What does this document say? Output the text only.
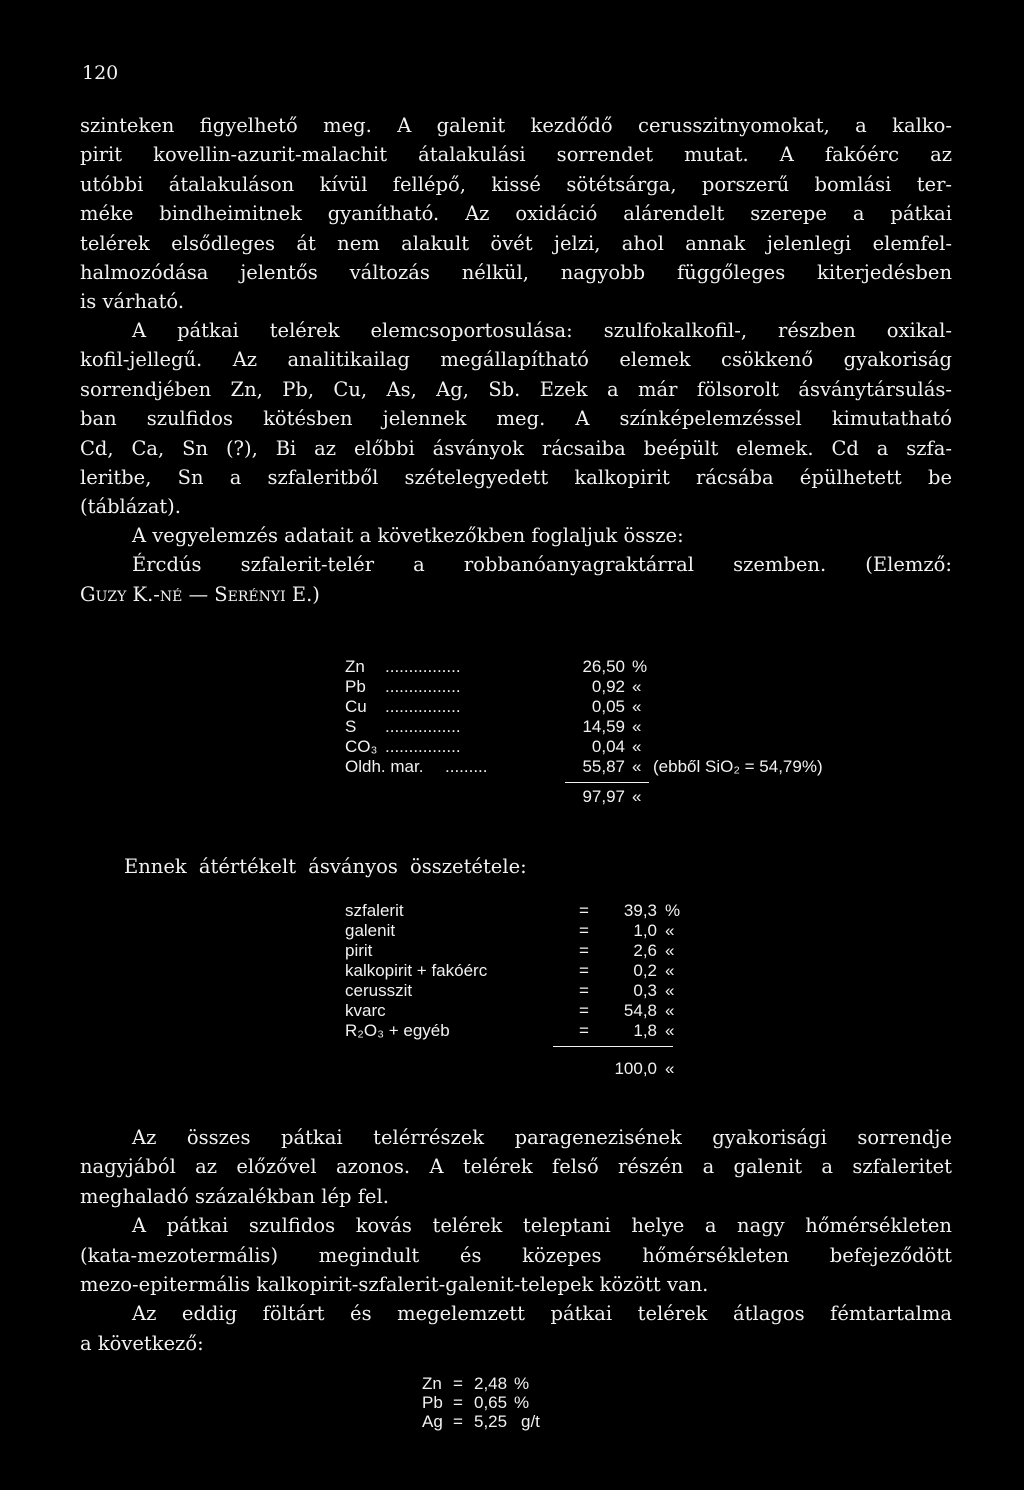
120
szinteken figyelhető meg. A galenit kezdődő cerusszitnyomokat, a kalko-
pirit kovellin-azurit-malachit átalakulási sorrendet mutat. A fakóérc az
utóbbi átalakuláson kívül fellépő, kissé sötétsárga, porszerű bomlási ter-
méke bindheimitnek gyanítható. Az oxidáció alárendelt szerepe a pátkai
telérek elsődleges át nem alakult övét jelzi, ahol annak jelenlegi elemfel-
halmozódása jelentős változás nélkül, nagyobb függőleges kiterjedésben
is várható.
A pátkai telérek elemcsoportosulása: szulfokalkofil-, részben oxikal-
kofil-jellegű. Az analitikailag megállapítható elemek csökkenő gyakoriság
sorrendjében Zn, Pb, Cu, As, Ag, Sb. Ezek a már fölsorolt ásványtársulás-
ban szulfidos kötésben jelennek meg. A színképelemzéssel kimutatható
Cd, Ca, Sn (?), Bi az előbbi ásványok rácsaiba beépült elemek. Cd a szfa-
leritbe, Sn a szfaleritből szételegyedett kalkopirit rácsába épülhetett be
(táblázat).
A vegyelemzés adatait a következőkben foglaljuk össze:
Ércdús szfalerit-telér a robbanóanyagraktárral szemben. (Elemző:
Guzy K.-né — Serényi E.)
Zn ................	26,50 %
Pb ................	0,92 «
Cu ................	0,05 «
S ................	14,59 «
CO₃ ................	0,04 «
Oldh. mar. .........	55,87 « (ebből SiO₂ = 54,79%)
97,97 «
Ennek átértékelt ásványos összetétele:
szfalerit	=	39,3 %
galenit	=	1,0 «
pirit	=	2,6 «
kalkopirit + fakóérc	=	0,2 «
cerusszit	=	0,3 «
kvarc	=	54,8 «
R₂O₃ + egyéb	=	1,8 «
100,0 «
Az összes pátkai telérrészek paragenezisének gyakorisági sorrendje
nagyjából az előzővel azonos. A telérek felső részén a galenit a szfaleritet
meghaladó százalékban lép fel.
A pátkai szulfidos kovás telérek teleptani helye a nagy hőmérsékleten
(kata-mezotermális) megindult és közepes hőmérsékleten befejeződött
mezo-epitermális kalkopirit-szfalerit-galenit-telepek között van.
Az eddig föltárt és megelemzett pátkai telérek átlagos fémtartalma
a következő:
Zn = 2,48 %
Pb = 0,65 %
Ag = 5,25 g/t
